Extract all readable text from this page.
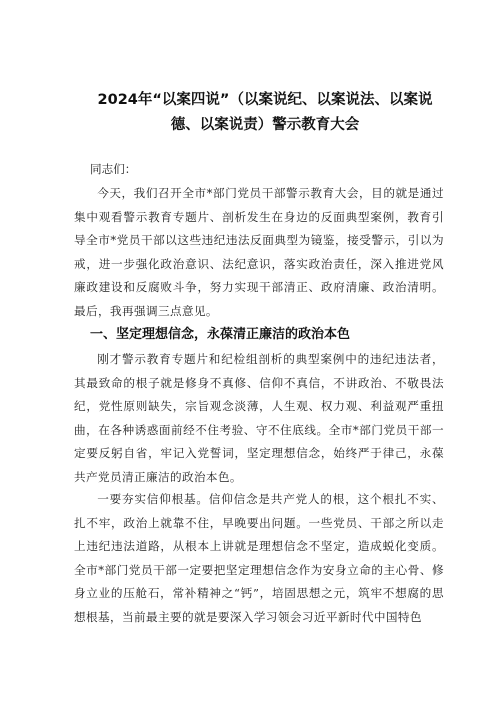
2024年“以案四说”（以案说纪、以案说法、以案说德、以案说责）警示教育大会
同志们：

今天，我们召开全市*部门党员干部警示教育大会，目的就是通过集中观看警示教育专题片、剖析发生在身边的反面典型案例，教育引导全市*党员干部以这些违纪违法反面典型为镜鉴，接受警示，引以为戒，进一步强化政治意识、法纪意识，落实政治责任，深入推进党风廉政建设和反腐败斗争，努力实现干部清正、政府清廉、政治清明。最后，我再强调三点意见。

一、坚定理想信念，永葆清正廉洁的政治本色

刚才警示教育专题片和纪检组剖析的典型案例中的违纪违法者，其最致命的根子就是修身不真修、信仰不真信，不讲政治、不敬畏法纪，党性原则缺失，宗旨观念淡薄，人生观、权力观、利益观严重扭曲，在各种诱惑面前经不住考验、守不住底线。全市*部门党员干部一定要反躬自省，牢记入党誓词，坚定理想信念，始终严于律己，永葆共产党员清正廉洁的政治本色。

一要夯实信仰根基。信仰信念是共产党人的根，这个根扎不实、扎不牢，政治上就靠不住，早晚要出问题。一些党员、干部之所以走上违纪违法道路，从根本上讲就是理想信念不坚定，造成蜕化变质。全市*部门党员干部一定要把坚定理想信念作为安身立命的主心骨、修身立业的压舱石，常补精神之“钙”，培固思想之元，筑牢不想腐的思想根基，当前最主要的就是要深入学习领会习近平新时代中国特色
